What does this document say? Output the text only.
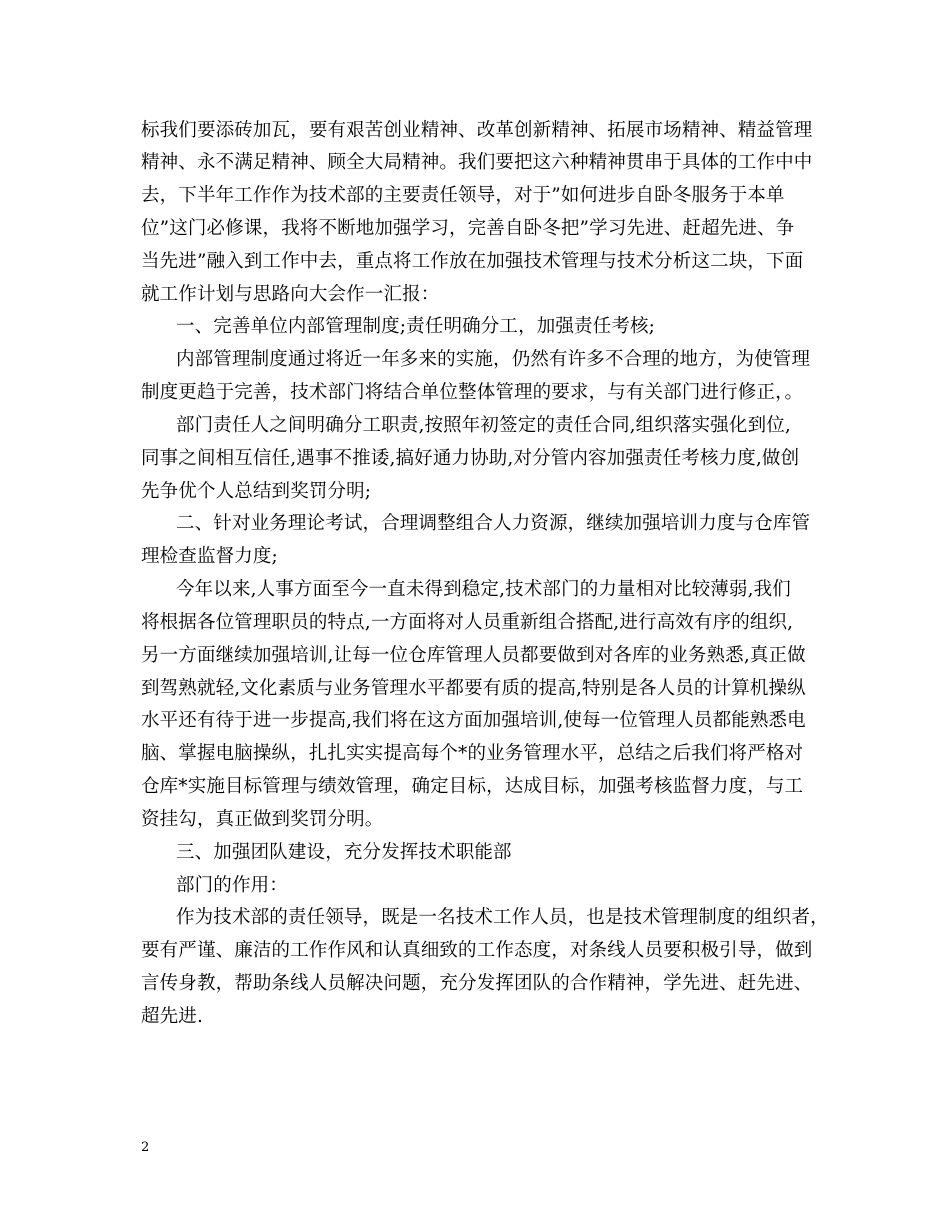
标我们要添砖加瓦，要有艰苦创业精神、改革创新精神、拓展市场精神、精益管理
精神、永不满足精神、顾全大局精神。我们要把这六种精神贯串于具体的工作中中
去，下半年工作作为技术部的主要责任领导，对于”如何进步自卧冬服务于本单
位”这门必修课，我将不断地加强学习，完善自卧冬把”学习先进、赶超先进、争
当先进”融入到工作中去，重点将工作放在加强技术管理与技术分析这二块，下面
就工作计划与思路向大会作一汇报：
一、完善单位内部管理制度;责任明确分工，加强责任考核;
内部管理制度通过将近一年多来的实施，仍然有许多不合理的地方，为使管理
制度更趋于完善，技术部门将结合单位整体管理的要求，与有关部门进行修正，。
部门责任人之间明确分工职责,按照年初签定的责任合同,组织落实强化到位,
同事之间相互信任,遇事不推诿,搞好通力协助,对分管内容加强责任考核力度,做创
先争优个人总结到奖罚分明;
二、针对业务理论考试，合理调整组合人力资源，继续加强培训力度与仓库管
理检查监督力度;
今年以来,人事方面至今一直未得到稳定,技术部门的力量相对比较薄弱,我们
将根据各位管理职员的特点,一方面将对人员重新组合搭配,进行高效有序的组织,
另一方面继续加强培训,让每一位仓库管理人员都要做到对各库的业务熟悉,真正做
到驾熟就轻,文化素质与业务管理水平都要有质的提高,特别是各人员的计算机操纵
水平还有待于进一步提高,我们将在这方面加强培训,使每一位管理人员都能熟悉电
脑、掌握电脑操纵，扎扎实实提高每个*的业务管理水平，总结之后我们将严格对
仓库*实施目标管理与绩效管理，确定目标，达成目标，加强考核监督力度，与工
资挂勾，真正做到奖罚分明。
三、加强团队建设，充分发挥技术职能部
部门的作用：
作为技术部的责任领导，既是一名技术工作人员，也是技术管理制度的组织者，
要有严谨、廉洁的工作作风和认真细致的工作态度，对条线人员要积极引导，做到
言传身教，帮助条线人员解决问题，充分发挥团队的合作精神，学先进、赶先进、
超先进.
2
